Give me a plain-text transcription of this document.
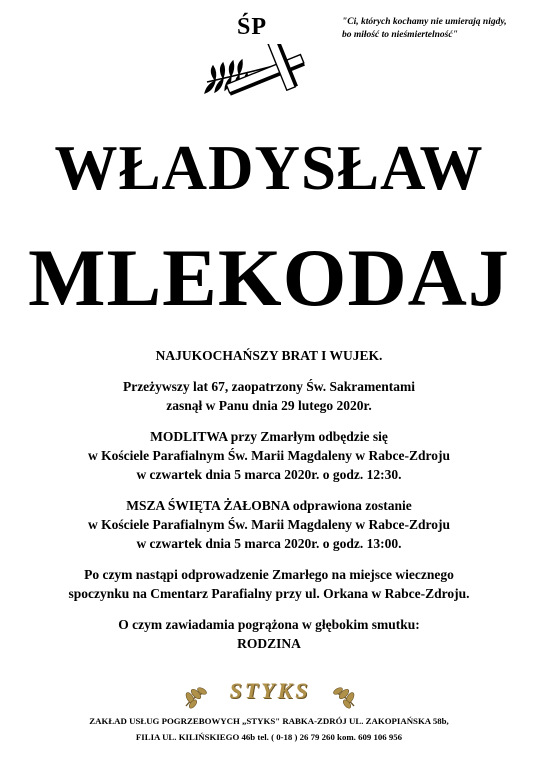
ŚP	"Ci, których kochamy nie umierają nigdy,
bo miłość to nieśmiertelność"
WŁADYSŁAW
MLEKODAJ

NAJUKOCHAŃSZY BRAT I WUJEK.

Przeżywszy lat 67, zaopatrzony Św. Sakramentami

zasnął w Panu dnia 29 lutego 2020r.

MODLITWA przy Zmarłym odbędzie się

w Kościele Parafialnym Św. Marii Magdaleny w Rabce-Zdroju

w czwartek dnia 5 marca 2020r. o godz. 12:30.

MSZA ŚWIĘTA ŻAŁOBNA odprawiona zostanie

w Kościele Parafialnym Św. Marii Magdaleny w Rabce-Zdroju

w czwartek dnia 5 marca 2020r. o godz. 13:00.

Po czym nastąpi odprowadzenie Zmarłego na miejsce wiecznego

spoczynku na Cmentarz Parafialny przy ul. Orkana w Rabce-Zdroju.

O czym zawiadamia pogrążona w głębokim smutku:

RODZINA

STYKS
ZAKŁAD USŁUG POGRZEBOWYCH „STYKS" RABKA-ZDRÓJ UL. ZAKOPIAŃSKA 58b,
FILIA UL. KILIŃSKIEGO 46b tel. ( 0-18 ) 26 79 260 kom. 609 106 956
